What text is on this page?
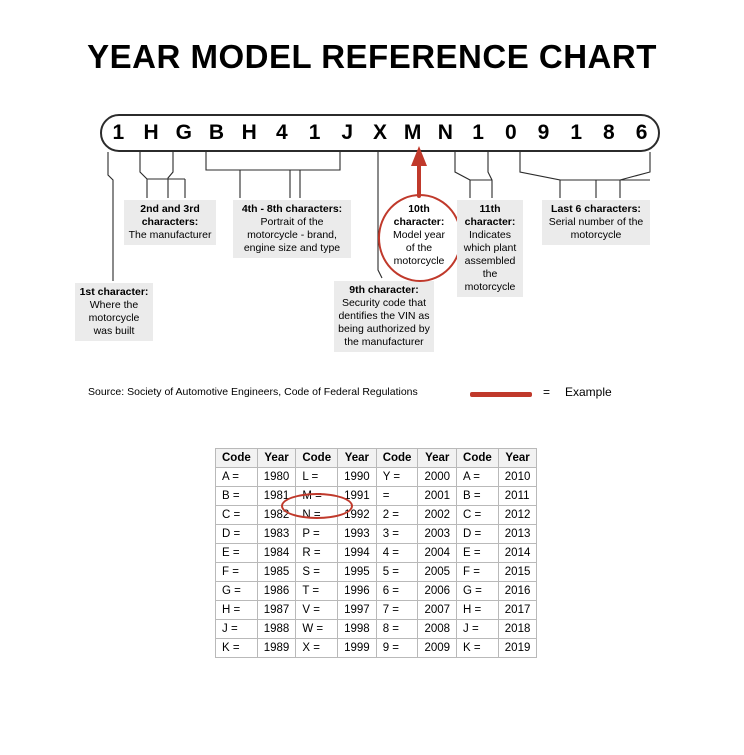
YEAR MODEL REFERENCE CHART
1 H G B H 4	1	J X M N 1	0	9	1	8	6
1st character:
Where the motorcycle was built
2nd and 3rd characters:
The manufacturer
4th - 8th characters:
Portrait of the motorcycle - brand, engine size and type
9th character:
Security code that dentifies the VIN as being authorized by the manufacturer
10th character:
Model year of the motorcycle
11th character:
Indicates which plant assembled the motorcycle
Last 6 characters:
Serial number of the motorcycle
Source: Society of Automotive Engineers, Code of Federal Regulations	= Example
Code	Year	Code	Year	Code	Year	Code	Year
A =	1980	L =	1990	Y =	2000	A =	2010
B =	1981	M =	1991	=	2001	B =	2011
C =	1982	N =	1992	2 =	2002	C =	2012
D =	1983	P =	1993	3 =	2003	D =	2013
E =	1984	R =	1994	4 =	2004	E =	2014
F =	1985	S =	1995	5 =	2005	F =	2015
G =	1986	T =	1996	6 =	2006	G =	2016
H =	1987	V =	1997	7 =	2007	H =	2017
J =	1988	W =	1998	8 =	2008	J =	2018
K =	1989	X =	1999	9 =	2009	K =	2019
